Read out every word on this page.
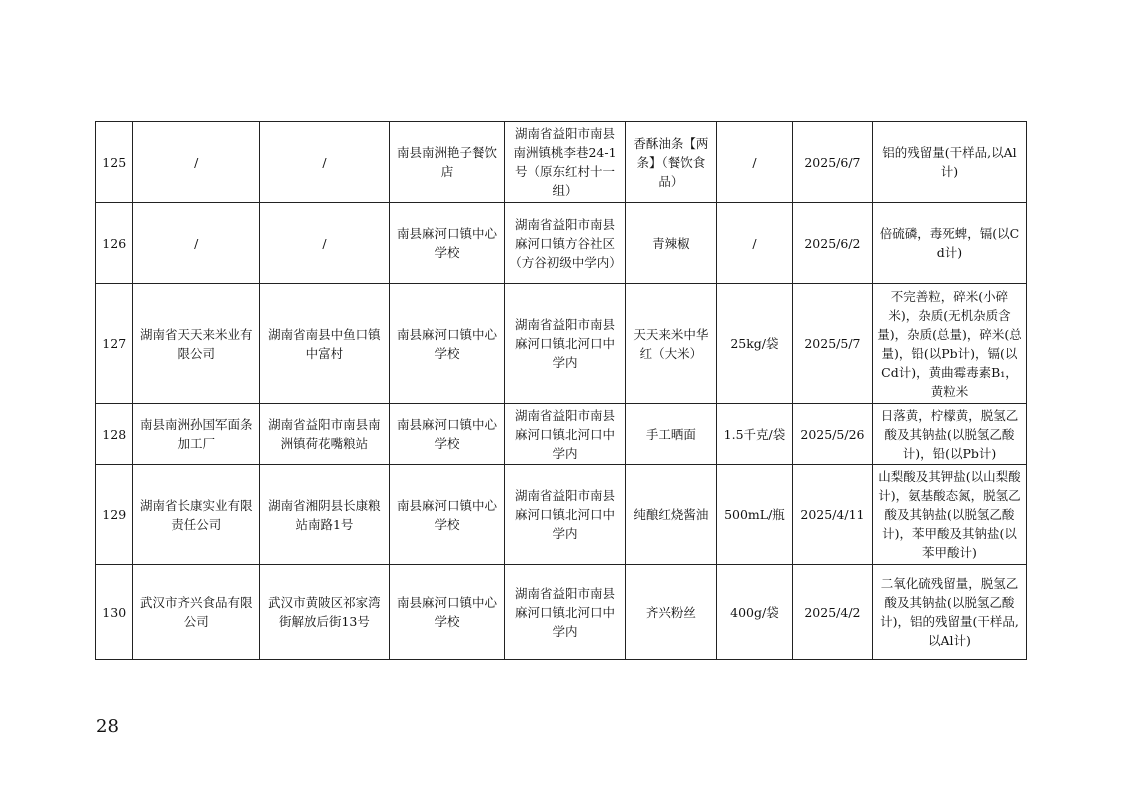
125	/	/	南县南洲艳子餐饮店	湖南省益阳市南县南洲镇桃李巷24-1号（原东红村十一组）	香酥油条【两条】（餐饮食品）	/	2025/6/7	铝的残留量(干样品,以Al计)
126	/	/	南县麻河口镇中心学校	湖南省益阳市南县麻河口镇方谷社区（方谷初级中学内）	青辣椒	/	2025/6/2	倍硫磷，毒死蜱，镉(以Cd计)
127	湖南省天天来米业有限公司	湖南省南县中鱼口镇中富村	南县麻河口镇中心学校	湖南省益阳市南县麻河口镇北河口中学内	天天来米中华红（大米）	25kg/袋	2025/5/7	不完善粒，碎米(小碎米)，杂质(无机杂质含量)，杂质(总量)，碎米(总量)，铅(以Pb计)，镉(以Cd计)，黄曲霉毒素B₁，黄粒米
128	南县南洲孙国军面条加工厂	湖南省益阳市南县南洲镇荷花嘴粮站	南县麻河口镇中心学校	湖南省益阳市南县麻河口镇北河口中学内	手工晒面	1.5千克/袋	2025/5/26	日落黄，柠檬黄，脱氢乙酸及其钠盐(以脱氢乙酸计)，铅(以Pb计)
129	湖南省长康实业有限责任公司	湖南省湘阴县长康粮站南路1号	南县麻河口镇中心学校	湖南省益阳市南县麻河口镇北河口中学内	纯酿红烧酱油	500mL/瓶	2025/4/11	山梨酸及其钾盐(以山梨酸计)，氨基酸态氮，脱氢乙酸及其钠盐(以脱氢乙酸计)，苯甲酸及其钠盐(以苯甲酸计)
130	武汉市齐兴食品有限公司	武汉市黄陂区祁家湾街解放后街13号	南县麻河口镇中心学校	湖南省益阳市南县麻河口镇北河口中学内	齐兴粉丝	400g/袋	2025/4/2	二氧化硫残留量，脱氢乙酸及其钠盐(以脱氢乙酸计)，铝的残留量(干样品,以Al计)
28
